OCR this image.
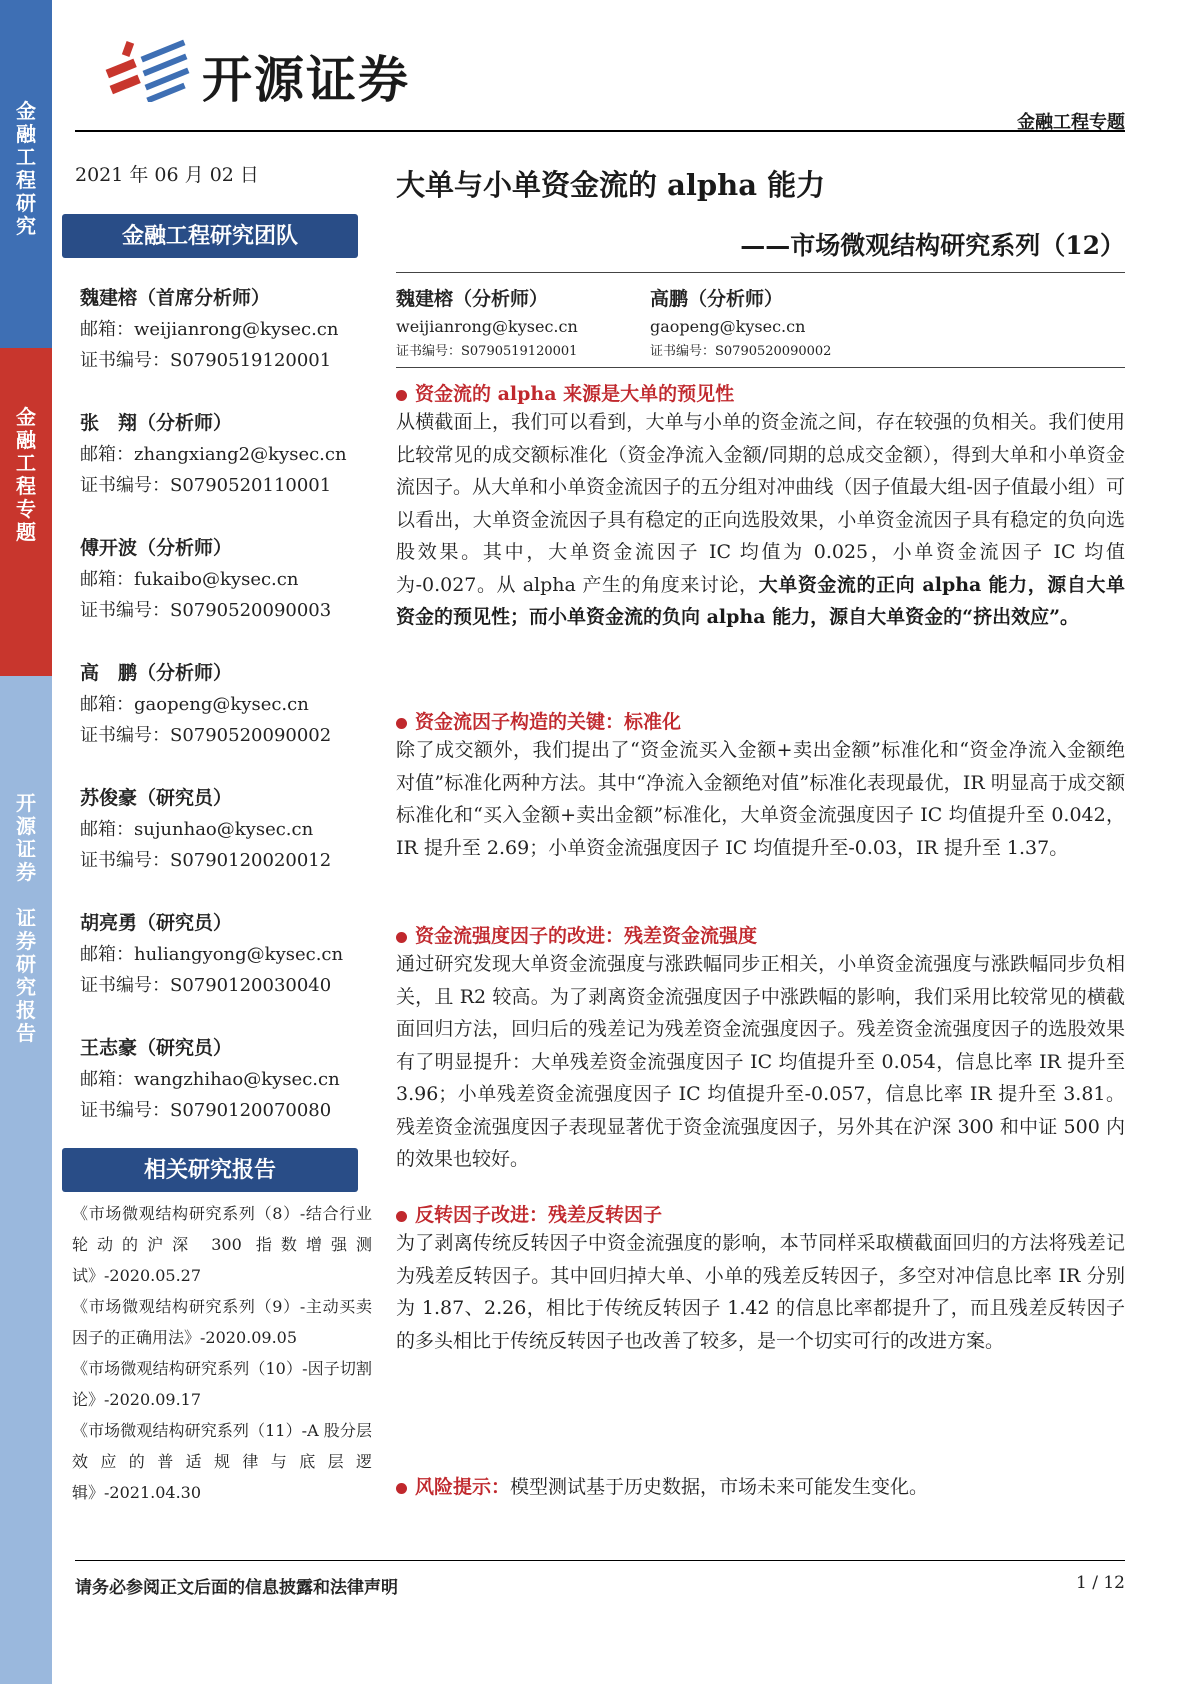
金
融
工
程
研
究
金
融
工
程
专
题
开
源
证
券

证
券
研
究
报
告
开源证券
金融工程专题
2021 年 06 月 02 日
金融工程研究团队
魏建榕（首席分析师）
邮箱：weijianrong@kysec.cn
证书编号：S0790519120001
张　翔（分析师）
邮箱：zhangxiang2@kysec.cn
证书编号：S0790520110001
傅开波（分析师）
邮箱：fukaibo@kysec.cn
证书编号：S0790520090003
高　鹏（分析师）
邮箱：gaopeng@kysec.cn
证书编号：S0790520090002
苏俊豪（研究员）
邮箱：sujunhao@kysec.cn
证书编号：S0790120020012
胡亮勇（研究员）
邮箱：huliangyong@kysec.cn
证书编号：S0790120030040
王志豪（研究员）
邮箱：wangzhihao@kysec.cn
证书编号：S0790120070080
相关研究报告
《市场微观结构研究系列（8）-结合行业轮动的沪深 300 指数增强测试》-2020.05.27
《市场微观结构研究系列（9）-主动买卖因子的正确用法》-2020.09.05
《市场微观结构研究系列（10）-因子切割论》-2020.09.17
《市场微观结构研究系列（11）-A 股分层效应的普适规律与底层逻辑》-2021.04.30
大单与小单资金流的 alpha 能力
——市场微观结构研究系列（12）
魏建榕（分析师）
weijianrong@kysec.cn
证书编号：S0790519120001
高鹏（分析师）
gaopeng@kysec.cn
证书编号：S0790520090002
资金流的 alpha 来源是大单的预见性
从横截面上，我们可以看到，大单与小单的资金流之间，存在较强的负相关。我们使用比较常见的成交额标准化（资金净流入金额/同期的总成交金额），得到大单和小单资金流因子。从大单和小单资金流因子的五分组对冲曲线（因子值最大组-因子值最小组）可以看出，大单资金流因子具有稳定的正向选股效果，小单资金流因子具有稳定的负向选股效果。其中，大单资金流因子 IC 均值为 0.025，小单资金流因子 IC 均值为-0.027。从 alpha 产生的角度来讨论，大单资金流的正向 alpha 能力，源自大单资金的预见性；而小单资金流的负向 alpha 能力，源自大单资金的“挤出效应”。
资金流因子构造的关键：标准化
除了成交额外，我们提出了“资金流买入金额+卖出金额”标准化和“资金净流入金额绝对值”标准化两种方法。其中“净流入金额绝对值”标准化表现最优，IR 明显高于成交额标准化和“买入金额+卖出金额”标准化，大单资金流强度因子 IC 均值提升至 0.042，IR 提升至 2.69；小单资金流强度因子 IC 均值提升至-0.03，IR 提升至 1.37。
资金流强度因子的改进：残差资金流强度
通过研究发现大单资金流强度与涨跌幅同步正相关，小单资金流强度与涨跌幅同步负相关，且 R2 较高。为了剥离资金流强度因子中涨跌幅的影响，我们采用比较常见的横截面回归方法，回归后的残差记为残差资金流强度因子。残差资金流强度因子的选股效果有了明显提升：大单残差资金流强度因子 IC 均值提升至 0.054，信息比率 IR 提升至 3.96；小单残差资金流强度因子 IC 均值提升至-0.057，信息比率 IR 提升至 3.81。残差资金流强度因子表现显著优于资金流强度因子，另外其在沪深 300 和中证 500 内的效果也较好。
反转因子改进：残差反转因子
为了剥离传统反转因子中资金流强度的影响，本节同样采取横截面回归的方法将残差记为残差反转因子。其中回归掉大单、小单的残差反转因子，多空对冲信息比率 IR 分别为 1.87、2.26，相比于传统反转因子 1.42 的信息比率都提升了，而且残差反转因子的多头相比于传统反转因子也改善了较多，是一个切实可行的改进方案。
风险提示：模型测试基于历史数据，市场未来可能发生变化。
请务必参阅正文后面的信息披露和法律声明	1 / 12
